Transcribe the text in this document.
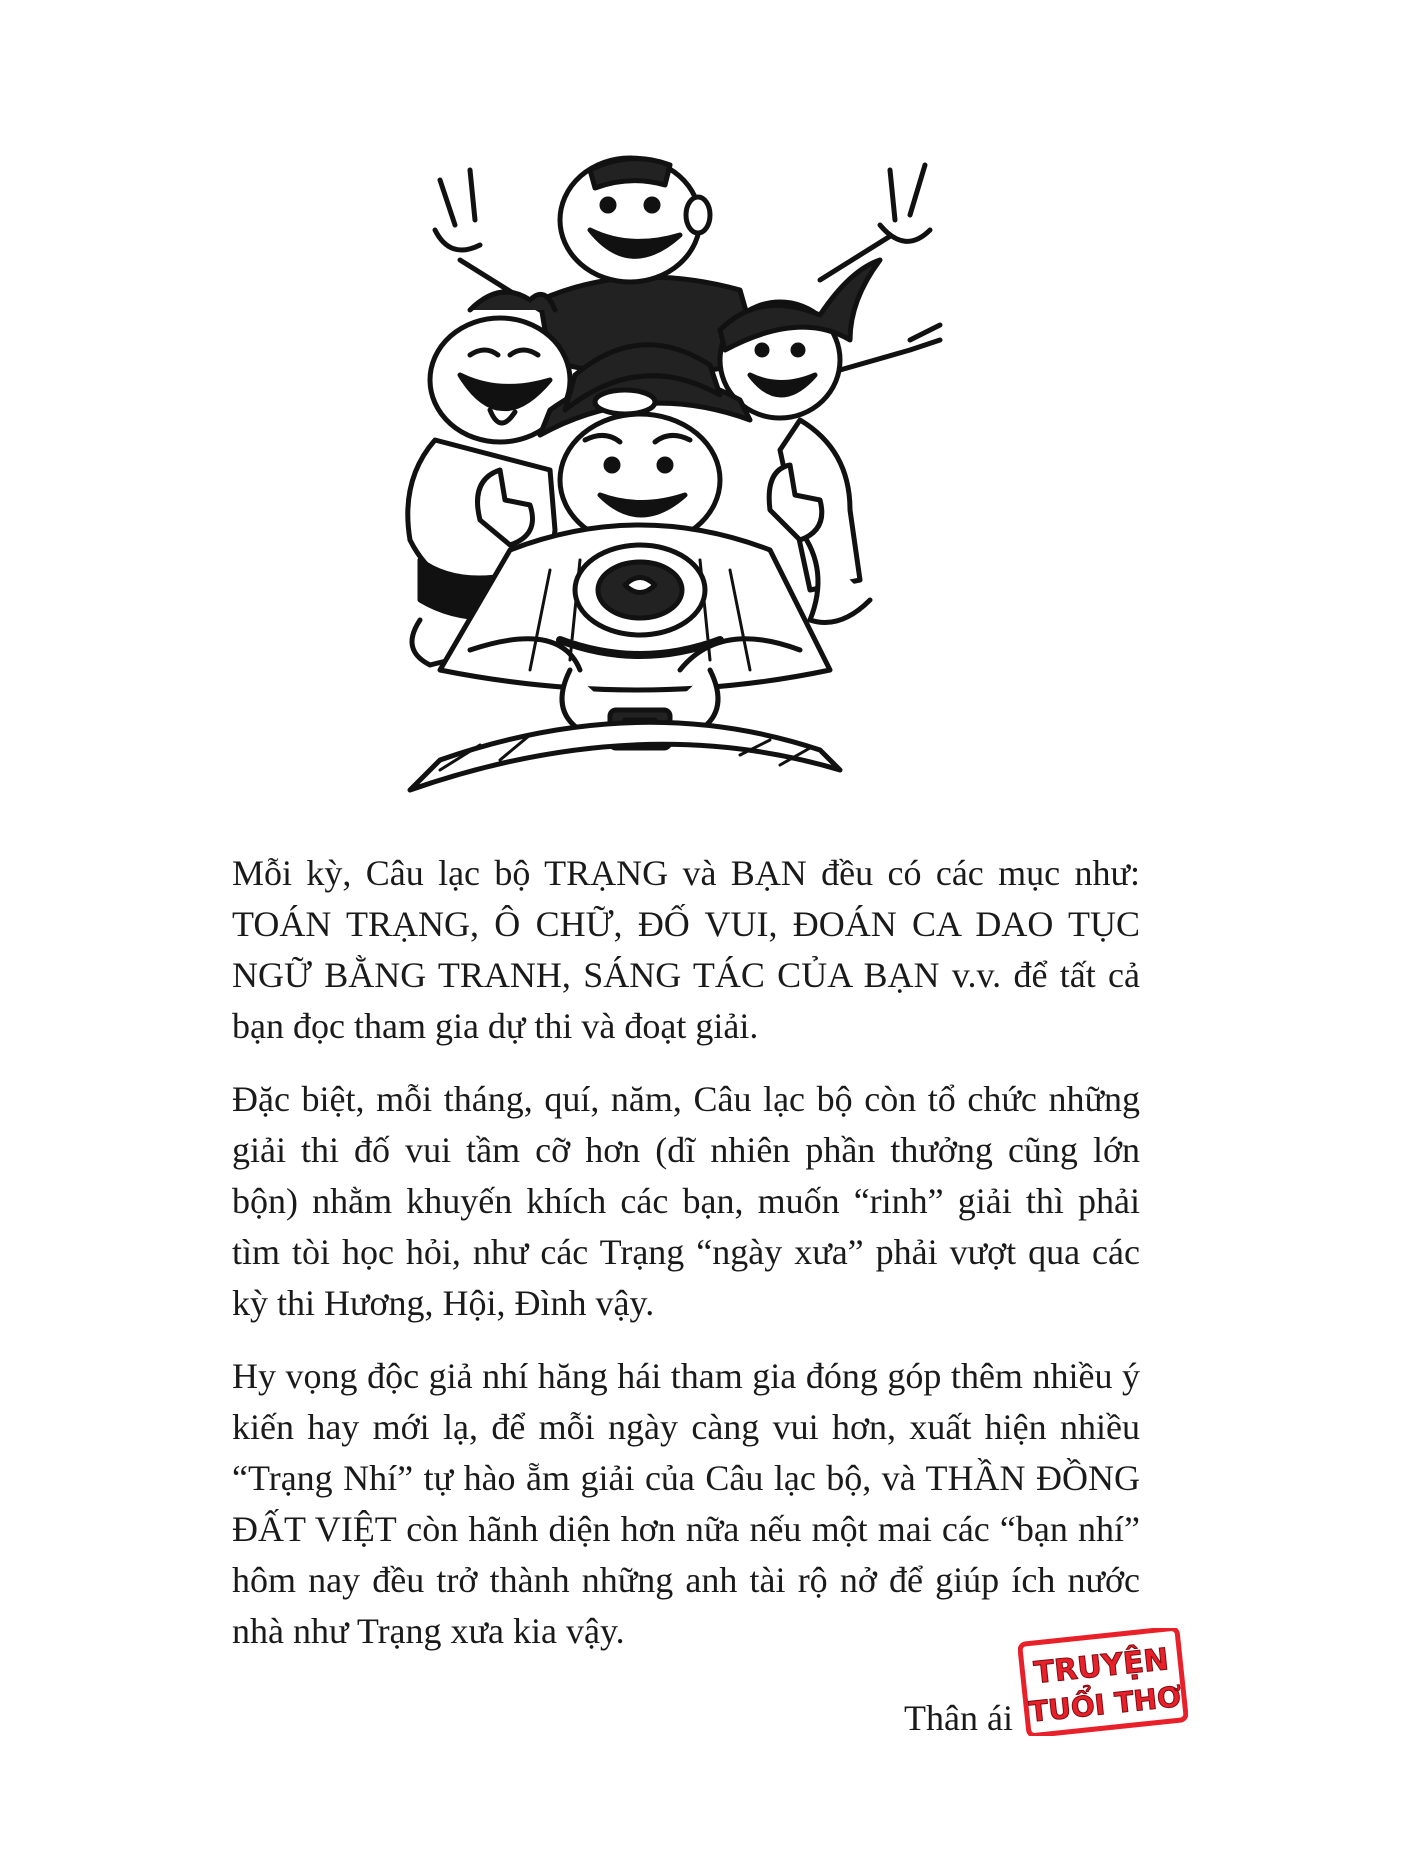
Mỗi kỳ, Câu lạc bộ TRẠNG và BẠN đều có các mục như: TOÁN TRẠNG, Ô CHỮ, ĐỐ VUI, ĐOÁN CA DAO TỤC NGỮ BẰNG TRANH, SÁNG TÁC CỦA BẠN v.v. để tất cả bạn đọc tham gia dự thi và đoạt giải.

Đặc biệt, mỗi tháng, quí, năm, Câu lạc bộ còn tổ chức những giải thi đố vui tầm cỡ hơn (dĩ nhiên phần thưởng cũng lớn bộn) nhằm khuyến khích các bạn, muốn “rinh” giải thì phải tìm tòi học hỏi, như các Trạng “ngày xưa” phải vượt qua các kỳ thi Hương, Hội, Đình vậy.

Hy vọng độc giả nhí hăng hái tham gia đóng góp thêm nhiều ý kiến hay mới lạ, để mỗi ngày càng vui hơn, xuất hiện nhiều “Trạng Nhí” tự hào ẵm giải của Câu lạc bộ, và THẦN ĐỒNG ĐẤT VIỆT còn hãnh diện hơn nữa nếu một mai các “bạn nhí” hôm nay đều trở thành những anh tài rộ nở để giúp ích nước nhà như Trạng xưa kia vậy.

Thân ái
TRUYỆN
TUỔI THƠ
